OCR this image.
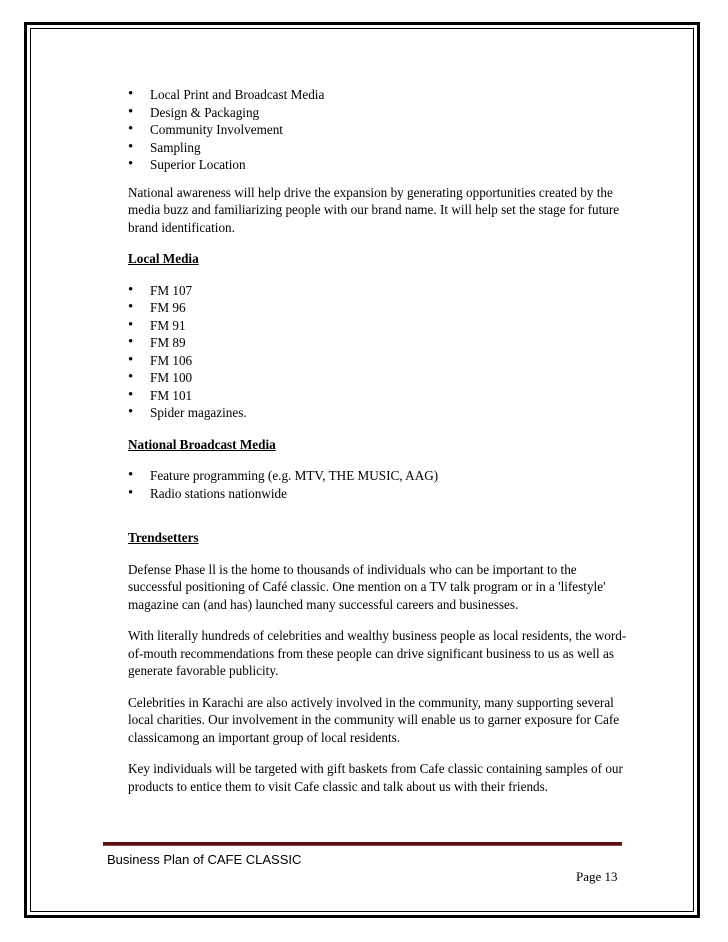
• Local Print and Broadcast Media
• Design & Packaging
• Community Involvement
• Sampling
• Superior Location

National awareness will help drive the expansion by generating opportunities created by the media buzz and familiarizing people with our brand name. It will help set the stage for future brand identification.

Local Media

• FM 107
• FM 96
• FM 91
• FM 89
• FM 106
• FM 100
• FM 101
• Spider magazines.

National Broadcast Media

• Feature programming (e.g. MTV, THE MUSIC, AAG)
• Radio stations nationwide

Trendsetters

Defense Phase ll is the home to thousands of individuals who can be important to the successful positioning of Café classic. One mention on a TV talk program or in a 'lifestyle' magazine can (and has) launched many successful careers and businesses.

With literally hundreds of celebrities and wealthy business people as local residents, the word-of-mouth recommendations from these people can drive significant business to us as well as generate favorable publicity.

Celebrities in Karachi are also actively involved in the community, many supporting several local charities. Our involvement in the community will enable us to garner exposure for Cafe classicamong an important group of local residents.

Key individuals will be targeted with gift baskets from Cafe classic containing samples of our products to entice them to visit Cafe classic and talk about us with their friends.

Business Plan of CAFE CLASSIC
Page 13
